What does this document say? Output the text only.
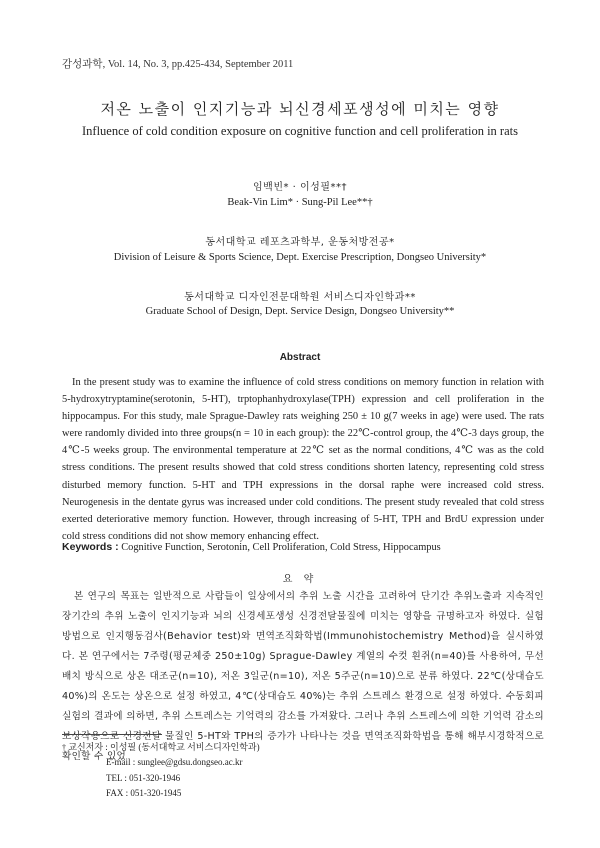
감성과학, Vol. 14, No. 3, pp.425-434, September 2011
저온 노출이 인지기능과 뇌신경세포생성에 미치는 영향
Influence of cold condition exposure on cognitive function and cell proliferation in rats
임백빈* · 이성필**†
Beak-Vin Lim* · Sung-Pil Lee**†
동서대학교 레포츠과학부, 운동처방전공*
Division of Leisure & Sports Science, Dept. Exercise Prescription, Dongseo University*
동서대학교 디자인전문대학원 서비스디자인학과**
Graduate School of Design, Dept. Service Design, Dongseo University**
Abstract

In the present study was to examine the influence of cold stress conditions on memory function in relation with 5-hydroxytryptamine(serotonin, 5-HT), trptophanhydroxylase(TPH) expression and cell proliferation in the hippocampus. For this study, male Sprague-Dawley rats weighing 250 ± 10 g(7 weeks in age) were used. The rats were randomly divided into three groups(n = 10 in each group): the 22℃-control group, the 4℃-3 days group, the 4℃-5 weeks group. The environmental temperature at 22℃ set as the normal conditions, 4℃ was as the cold stress conditions. The present results showed that cold stress conditions shorten latency, representing cold stress disturbed memory function. 5-HT and TPH expressions in the dorsal raphe were increased cold stress. Neurogenesis in the dentate gyrus was increased under cold conditions. The present study revealed that cold stress exerted deteriorative memory function. However, through increasing of 5-HT, TPH and BrdU expression under cold stress conditions did not show memory enhancing effect.

Keywords : Cognitive Function, Serotonin, Cell Proliferation, Cold Stress, Hippocampus
요 약

본 연구의 목표는 일반적으로 사람들이 일상에서의 추위 노출 시간을 고려하여 단기간 추위노출과 지속적인 장기간의 추위 노출이 인지기능과 뇌의 신경세포생성 신경전달물질에 미치는 영향을 규명하고자 하였다. 실험 방법으로 인지행동검사(Behavior test)와 면역조직화학법(Immunohistochemistry Method)을 실시하였다. 본 연구에서는 7주령(평균체중 250±10g) Sprague-Dawley 계열의 수컷 흰쥐(n=40)를 사용하여, 무선배치 방식으로 상온 대조군(n=10), 저온 3일군(n=10), 저온 5주군(n=10)으로 분류 하였다. 22℃(상대습도 40%)의 온도는 상온으로 설정 하였고, 4℃(상대습도 40%)는 추위 스트레스 환경으로 설정 하였다. 수동회피실험의 결과에 의하면, 추위 스트레스는 기억력의 감소를 가져왔다. 그러나 추위 스트레스에 의한 기억력 감소의 보상작용으로 신경전달 물질인 5-HT와 TPH의 증가가 나타나는 것을 면역조직화학법을 통해 해부시경학적으로 확인할 수 있었

† 교신저자 : 이성필 (동서대학교 서비스디자인학과)
E-mail : sunglee@gdsu.dongseo.ac.kr
TEL : 051-320-1946
FAX : 051-320-1945
